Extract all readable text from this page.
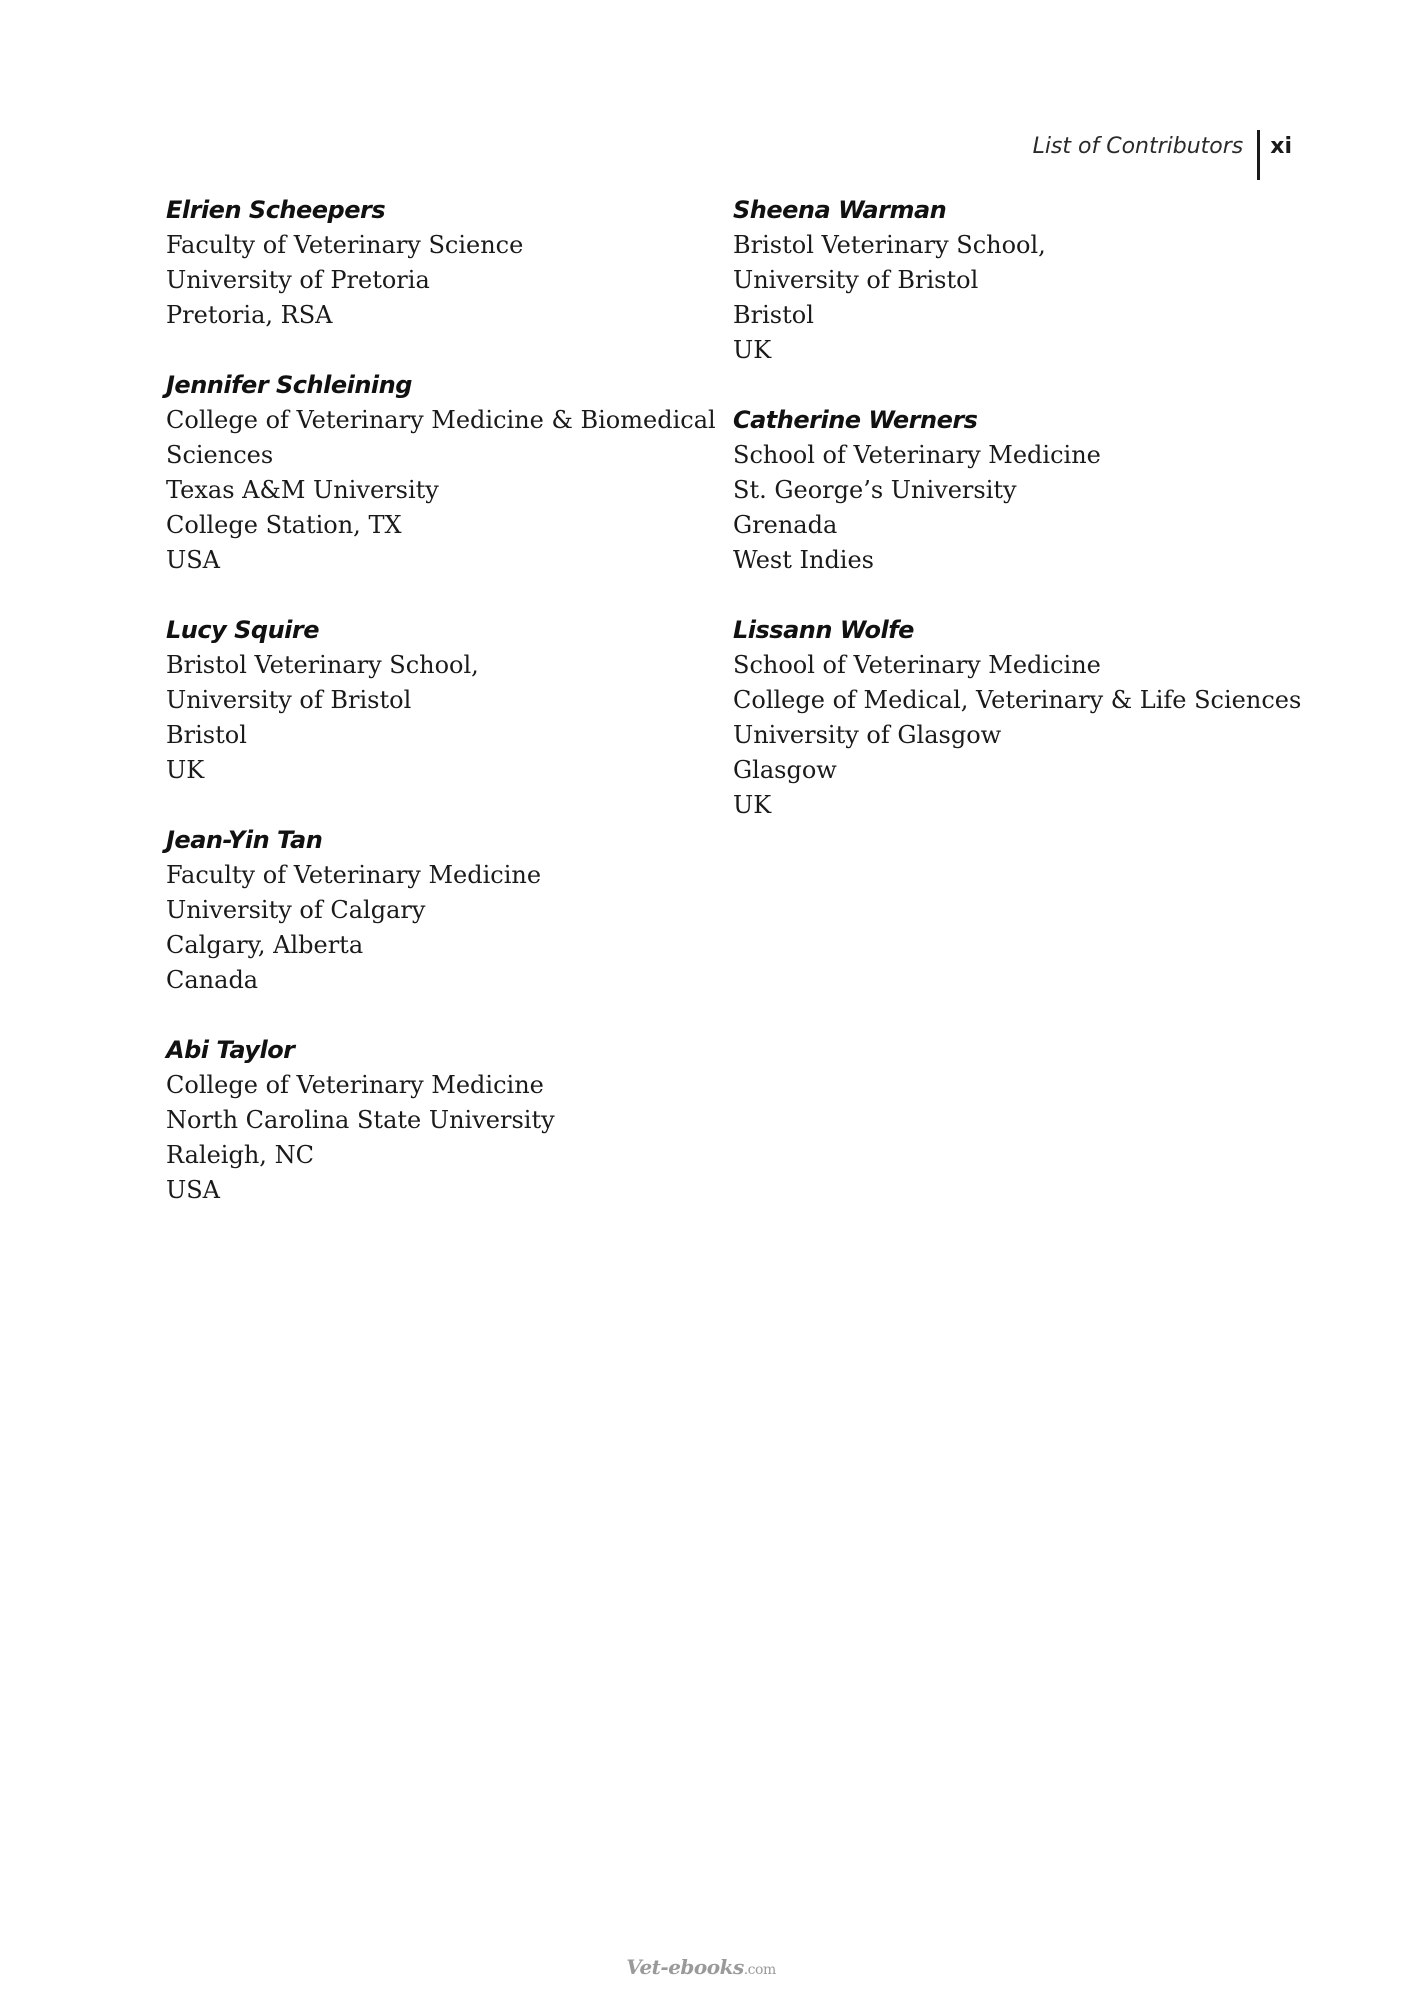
List of Contributors	xi
Elrien Scheepers
Faculty of Veterinary Science
University of Pretoria
Pretoria, RSA
Jennifer Schleining
College of Veterinary Medicine & Biomedical
Sciences
Texas A&M University
College Station, TX
USA
Lucy Squire
Bristol Veterinary School,
University of Bristol
Bristol
UK
Jean-Yin Tan
Faculty of Veterinary Medicine
University of Calgary
Calgary, Alberta
Canada
Abi Taylor
College of Veterinary Medicine
North Carolina State University
Raleigh, NC
USA
Sheena Warman
Bristol Veterinary School,
University of Bristol
Bristol
UK
Catherine Werners
School of Veterinary Medicine
St. George’s University
Grenada
West Indies
Lissann Wolfe
School of Veterinary Medicine
College of Medical, Veterinary & Life Sciences
University of Glasgow
Glasgow
UK
Vet-ebooks.com
